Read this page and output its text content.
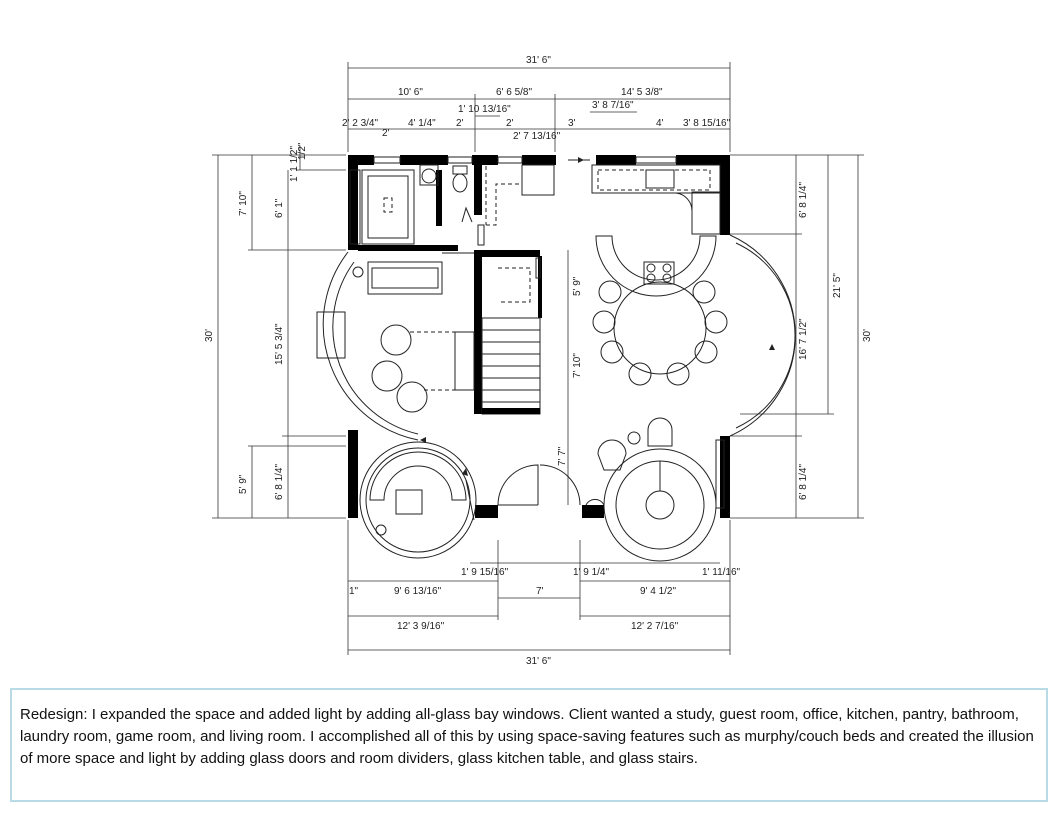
31' 6"
10' 6"	6' 6 5/8"	14' 5 3/8"
1' 10 13/16"	3' 8 7/16"
2' 2 3/4"
2'
4' 1/4" 2'	2'
2' 7 13/16"
3'	4' 3' 8 15/16"
30'
7' 10"	6' 1"
1' 1 1/2"
1/2"
15' 5 3/4"
5' 9"	6' 8 1/4"
30'
21' 5"
6' 8 1/4"
16' 7 1/2"
6' 8 1/4"
1' 9 15/16"	1' 9 1/4"	1' 11/16"
1"	9' 6 13/16"	7'	9' 4 1/2"
12' 3 9/16"	12' 2 7/16"
31' 6"
5' 9"
7' 10"
7' 7"
Redesign: I expanded the space and added light by adding all-glass bay windows. Client wanted a study, guest room, office, kitchen, pantry, bathroom, laundry room, game room, and living room. I accomplished all of this by using space-saving features such as murphy/couch beds and created the illusion of more space and light by adding glass doors and room dividers, glass kitchen table, and glass stairs.
